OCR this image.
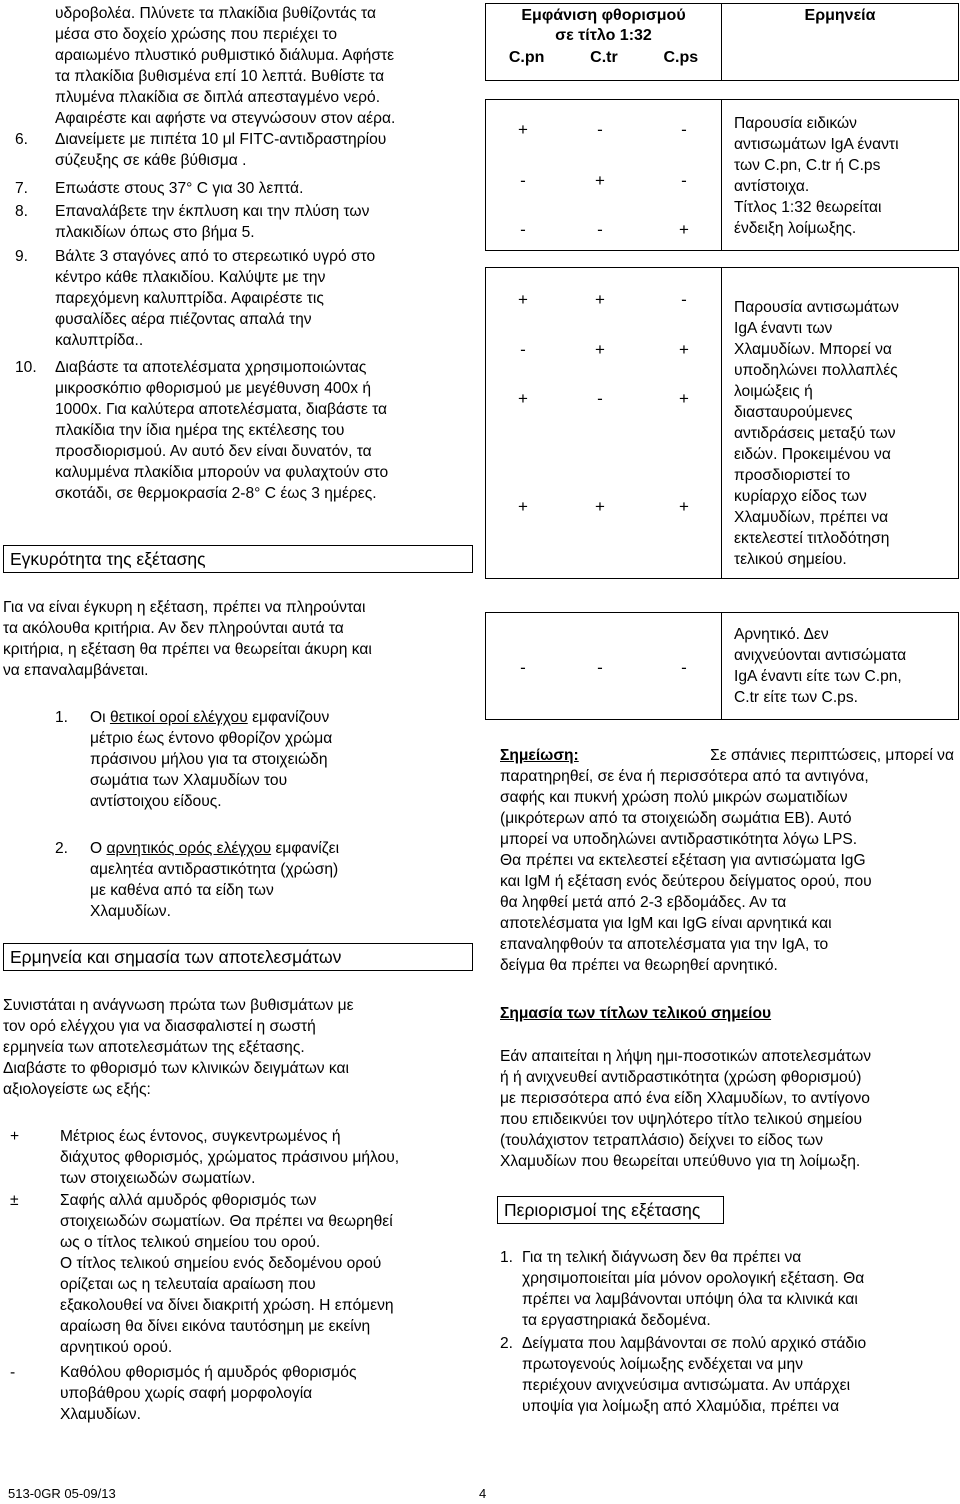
υδροβολέα. Πλύνετε τα πλακίδια βυθίζοντάς τα
μέσα στο δοχείο χρώσης που περιέχει το
αραιωμένο πλυστικό ρυθμιστικό διάλυμα. Αφήστε
τα πλακίδια βυθισμένα επί 10 λεπτά. Βυθίστε τα
πλυμένα πλακίδια σε διπλά απεσταγμένο νερό.
Αφαιρέστε και αφήστε να στεγνώσουν στον αέρα.
6. Διανείμετε με πιπέτα 10 μl FITC-αντιδραστηρίου
σύζευξης σε κάθε βύθισμα .
7. Επωάστε στους 37° C για 30 λεπτά.
8. Επαναλάβετε την έκπλυση και την πλύση των
πλακιδίων όπως στο βήμα 5.
9. Βάλτε 3 σταγόνες από το στερεωτικό υγρό στο
κέντρο κάθε πλακιδίου. Καλύψτε με την
παρεχόμενη καλυπτρίδα. Αφαιρέστε τις
φυσαλίδες αέρα πιέζοντας απαλά την
καλυπτρίδα..
10. Διαβάστε τα αποτελέσματα χρησιμοποιώντας
μικροσκόπιο φθορισμού με μεγέθυνση 400x ή
1000x. Για καλύτερα αποτελέσματα, διαβάστε τα
πλακίδια την ίδια ημέρα της εκτέλεσης του
προσδιορισμού. Αν αυτό δεν είναι δυνατόν, τα
καλυμμένα πλακίδια μπορούν να φυλαχτούν στο
σκοτάδι, σε θερμοκρασία 2-8° C έως 3 ημέρες.
Εγκυρότητα της εξέτασης
Για να είναι έγκυρη η εξέταση, πρέπει να πληρούνται
τα ακόλουθα κριτήρια. Αν δεν πληρούνται αυτά τα
κριτήρια, η εξέταση θα πρέπει να θεωρείται άκυρη και
να επαναλαμβάνεται.
1. Οι θετικοί οροί ελέγχου εμφανίζουν
μέτριο έως έντονο φθορίζον χρώμα
πράσινου μήλου για τα στοιχειώδη
σωμάτια των Χλαμυδίων του
αντίστοιχου είδους.
2. Ο αρνητικός ορός ελέγχου εμφανίζει
αμελητέα αντιδραστικότητα (χρώση)
με καθένα από τα είδη των
Χλαμυδίων.
Ερμηνεία και σημασία των αποτελεσμάτων
Συνιστάται η ανάγνωση πρώτα των βυθισμάτων με
τον ορό ελέγχου για να διασφαλιστεί η σωστή
ερμηνεία των αποτελεσμάτων της εξέτασης.
Διαβάστε το φθορισμό των κλινικών δειγμάτων και
αξιολογείστε ως εξής:
+	Μέτριος έως έντονος, συγκεντρωμένος ή
διάχυτος φθορισμός, χρώματος πράσινου μήλου,
των στοιχειωδών σωματίων.
±	Σαφής αλλά αμυδρός φθορισμός των
στοιχειωδών σωματίων. Θα πρέπει να θεωρηθεί
ως ο τίτλος τελικού σημείου του ορού.
Ο τίτλος τελικού σημείου ενός δεδομένου ορού
ορίζεται ως η τελευταία αραίωση που
εξακολουθεί να δίνει διακριτή χρώση. Η επόμενη
αραίωση θα δίνει εικόνα ταυτόσημη με εκείνη
αρνητικού ορού.
-	Καθόλου φθορισμός ή αμυδρός φθορισμός
υποβάθρου χωρίς σαφή μορφολογία
Χλαμυδίων.
Εμφάνιση φθορισμού
σε τίτλο 1:32
C.pn	C.tr	C.ps
Ερμηνεία
+	-	-
-	+	-
-	-	+
Παρουσία ειδικών
αντισωμάτων IgA έναντι
των C.pn, C.tr ή C.ps
αντίστοιχα.
Τίτλος 1:32 θεωρείται
ένδειξη λοίμωξης.
+	+	-
-	+	+
+	-	+
+	+	+
Παρουσία αντισωμάτων
IgA έναντι των
Χλαμυδίων. Μπορεί να
υποδηλώνει πολλαπλές
λοιμώξεις ή
διασταυρούμενες
αντιδράσεις μεταξύ των
ειδών. Προκειμένου να
προσδιοριστεί το
κυρίαρχο είδος των
Χλαμυδίων, πρέπει να
εκτελεστεί τιτλοδότηση
τελικού σημείου.
-	-	-
Αρνητικό. Δεν
ανιχνεύονται αντισώματα
IgA έναντι είτε των C.pn,
C.tr είτε των C.ps.
Σημείωση:	Σε σπάνιες περιπτώσεις, μπορεί να
παρατηρηθεί, σε ένα ή περισσότερα από τα αντιγόνα,
σαφής και πυκνή χρώση πολύ μικρών σωματιδίων
(μικρότερων από τα στοιχειώδη σωμάτια ΕΒ). Αυτό
μπορεί να υποδηλώνει αντιδραστικότητα λόγω LPS.
Θα πρέπει να εκτελεστεί εξέταση για αντισώματα IgG
και IgM ή εξέταση ενός δεύτερου δείγματος ορού, που
θα ληφθεί μετά από 2-3 εβδομάδες. Αν τα
αποτελέσματα για IgM και IgG είναι αρνητικά και
επαναληφθούν τα αποτελέσματα για την IgA, το
δείγμα θα πρέπει να θεωρηθεί αρνητικό.
Σημασία των τίτλων τελικού σημείου
Εάν απαιτείται η λήψη ημι-ποσοτικών αποτελεσμάτων
ή ή ανιχνευθεί αντιδραστικότητα (χρώση φθορισμού)
με περισσότερα από ένα είδη Χλαμυδίων, το αντίγονο
που επιδεικνύει τον υψηλότερο τίτλο τελικού σημείου
(τουλάχιστον τετραπλάσιο) δείχνει το είδος των
Χλαμυδίων που θεωρείται υπεύθυνο για τη λοίμωξη.
Περιορισμοί της εξέτασης
1. Για τη τελική διάγνωση δεν θα πρέπει να
χρησιμοποιείται μία μόνον ορολογική εξέταση. Θα
πρέπει να λαμβάνονται υπόψη όλα τα κλινικά και
τα εργαστηριακά δεδομένα.
2. Δείγματα που λαμβάνονται σε πολύ αρχικό στάδιο
πρωτογενούς λοίμωξης ενδέχεται να μην
περιέχουν ανιχνεύσιμα αντισώματα. Αν υπάρχει
υποψία για λοίμωξη από Χλαμύδια, πρέπει να
513-0GR 05-09/13	4
